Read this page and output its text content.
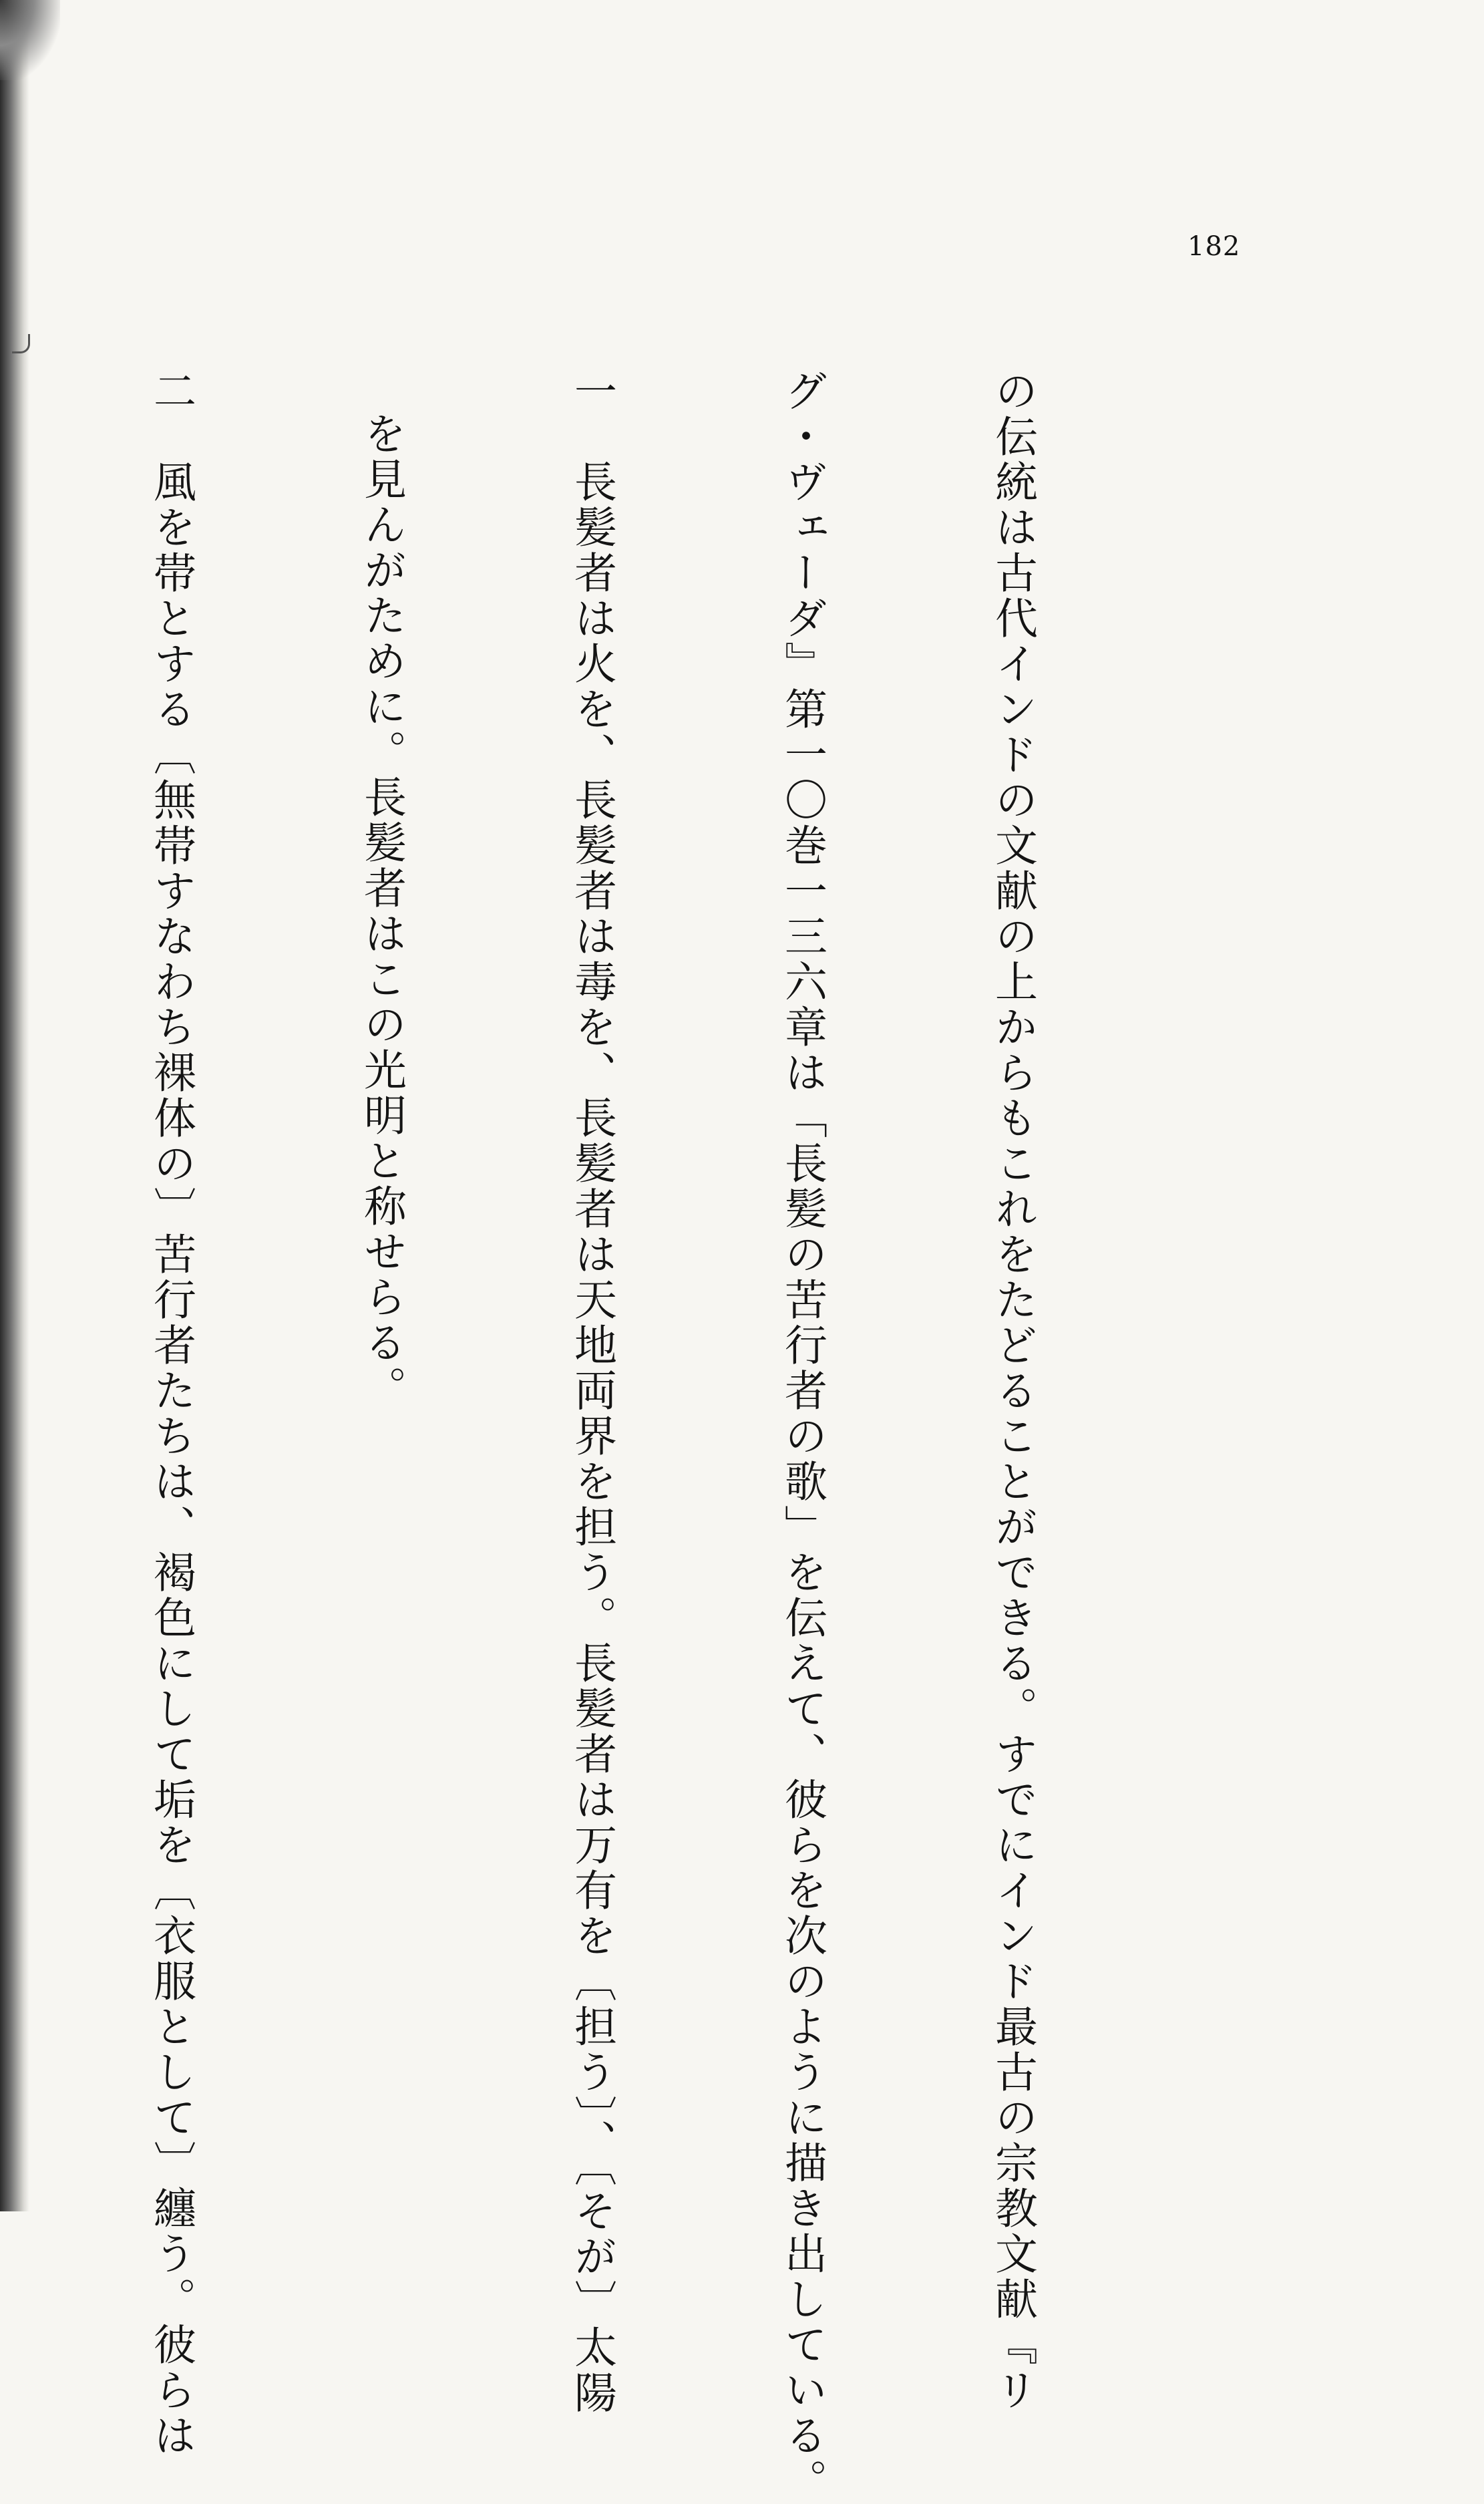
182

の伝統は古代インドの文献の上からもこれをたどることができる。すでにインド最古の宗教文献『リ

グ・ヴェーダ』第一〇巻一三六章は「長髪の苦行者の歌」を伝えて、彼らを次のように描き出している。

一　長髪者は火を、長髪者は毒を、長髪者は天地両界を担う。長髪者は万有を〔担う〕、〔そが〕太陽

を見んがために。長髪者はこの光明と称せらる。

二　風を帯とする〔無帯すなわち裸体の〕苦行者たちは、褐色にして垢を〔衣服として〕纏う。彼らは
